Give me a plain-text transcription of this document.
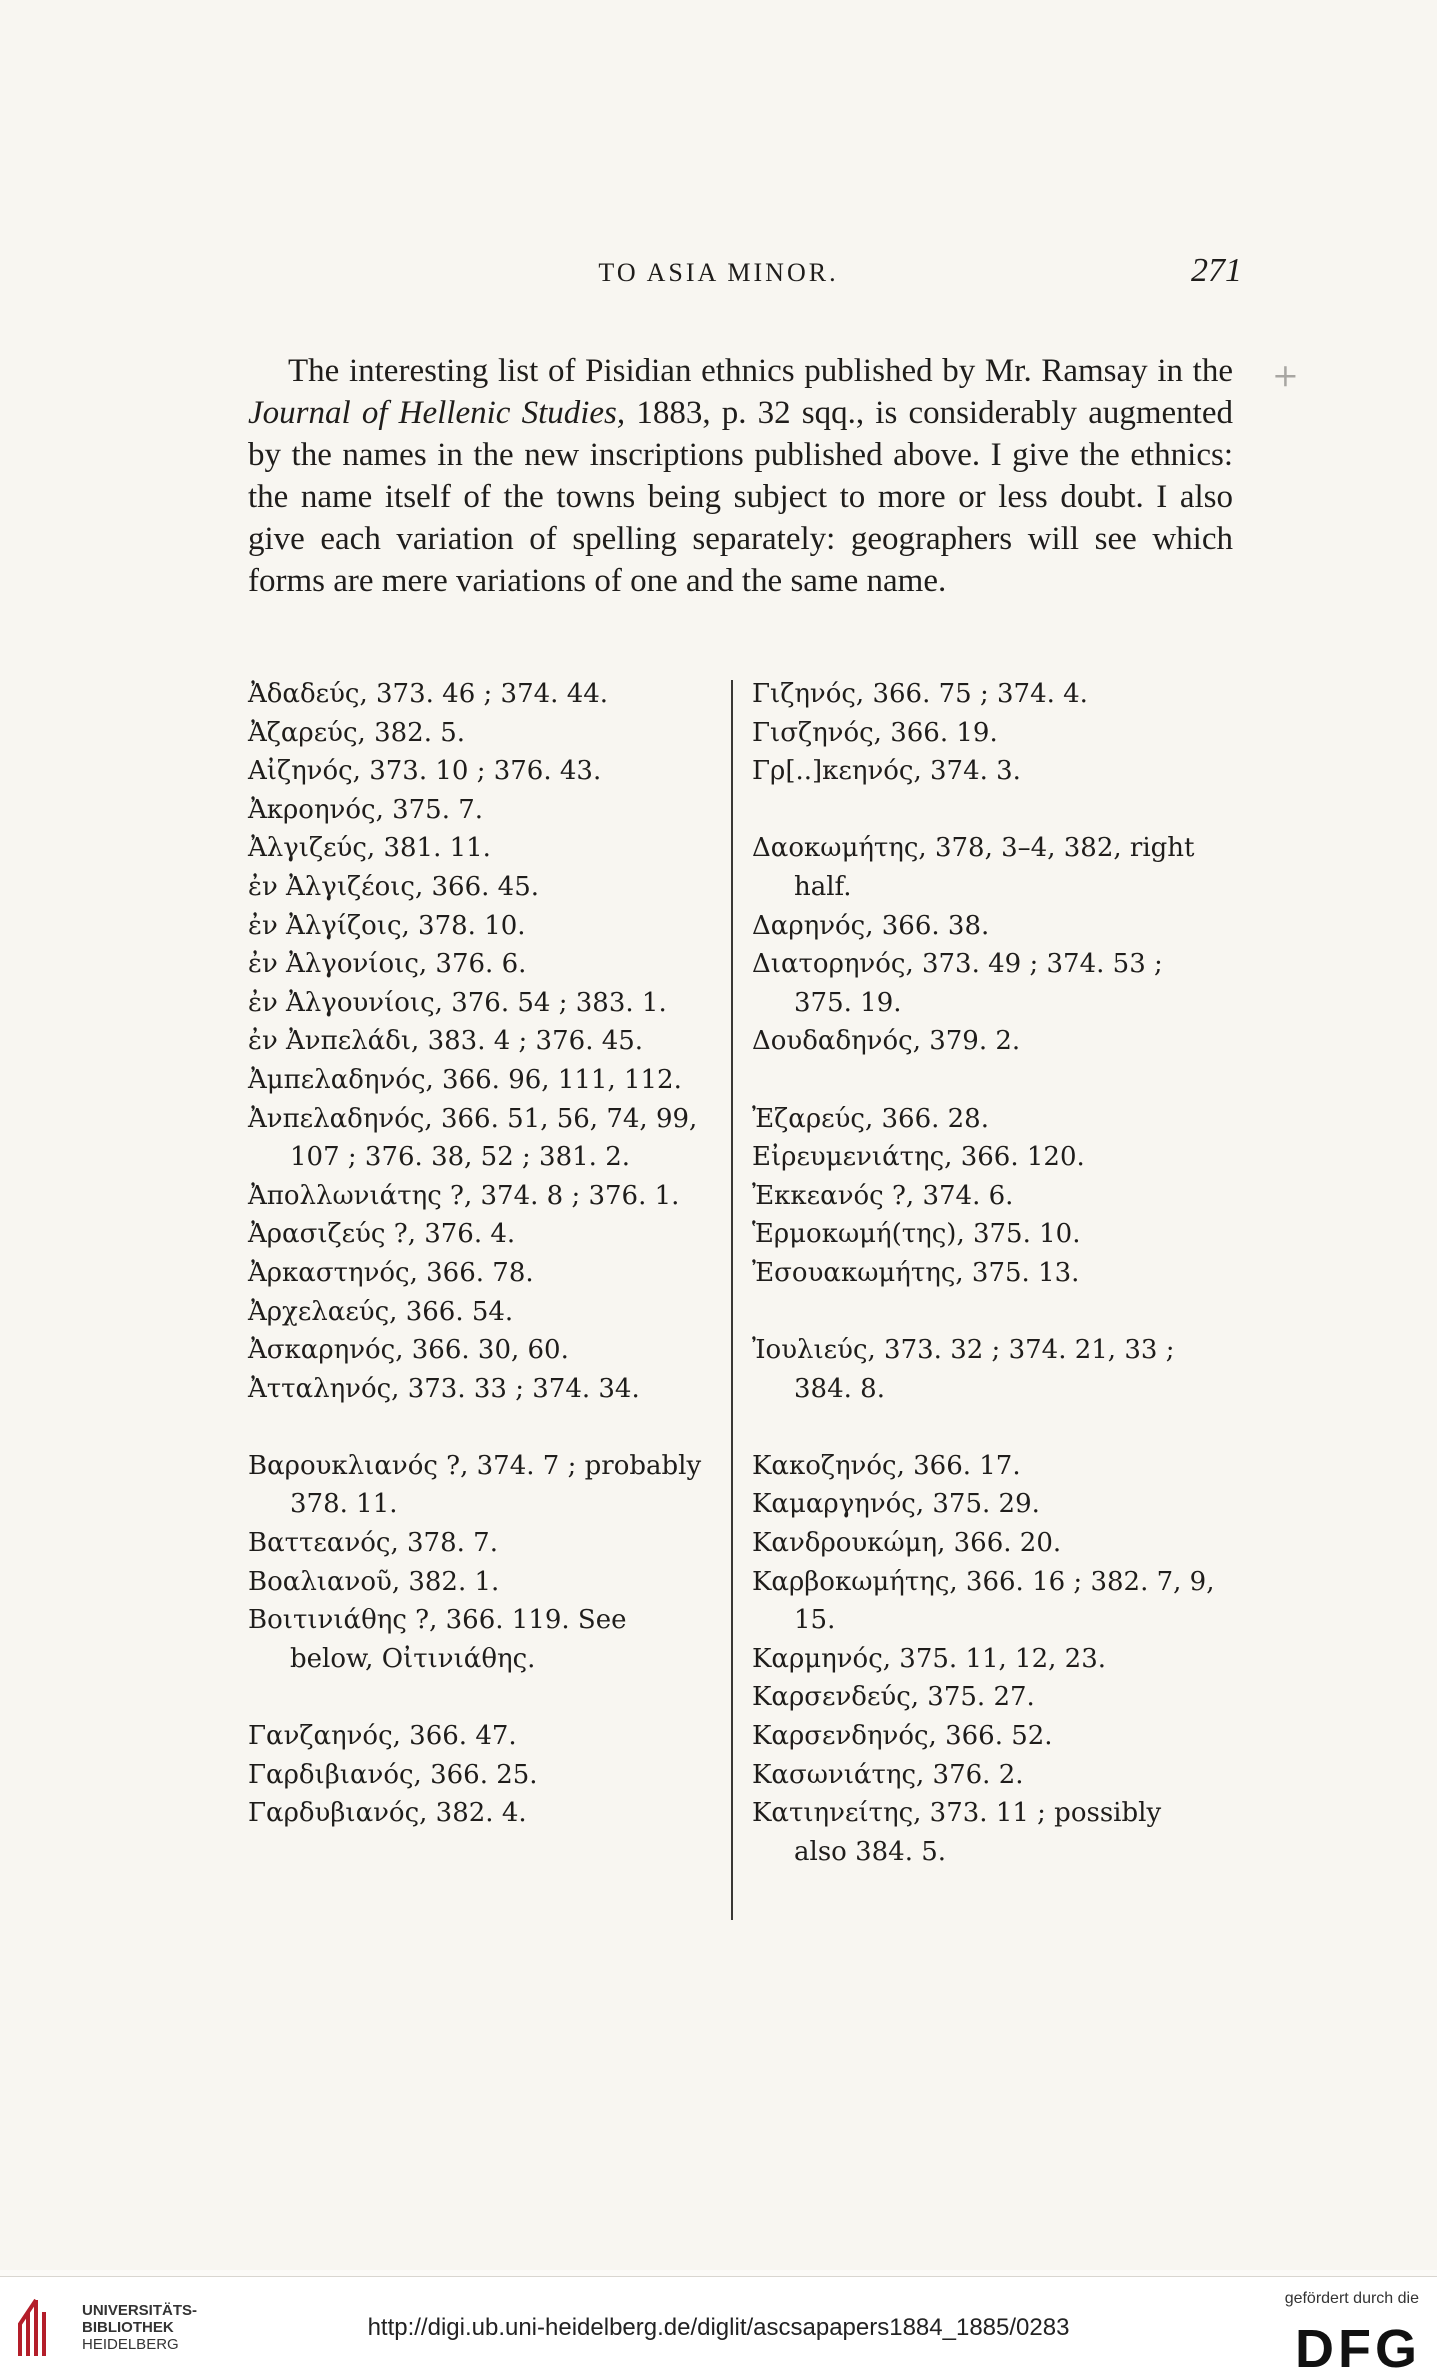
TO ASIA MINOR.	271
+

The interesting list of Pisidian ethnics published by Mr. Ramsay in the Journal of Hellenic Studies, 1883, p. 32 sqq., is considerably augmented by the names in the new inscriptions published above. I give the ethnics: the name itself of the towns being subject to more or less doubt. I also give each variation of spelling separately: geographers will see which forms are mere variations of one and the same name.

Ἀδαδεύς, 373. 46 ; 374. 44.

Ἀζαρεύς, 382. 5.

Αἰζηνός, 373. 10 ; 376. 43.

Ἀκροηνός, 375. 7.

Ἀλγιζεύς, 381. 11.

ἐν Ἀλγιζέοις, 366. 45.

ἐν Ἀλγίζοις, 378. 10.

ἐν Ἀλγονίοις, 376. 6.

ἐν Ἀλγουνίοις, 376. 54 ; 383. 1.

ἐν Ἀνπελάδι, 383. 4 ; 376. 45.

Ἀμπελαδηνός, 366. 96, 111, 112.

Ἀνπελαδηνός, 366. 51, 56, 74, 99, 107 ; 376. 38, 52 ; 381. 2.

Ἀπολλωνιάτης ?, 374. 8 ; 376. 1.

Ἀρασιζεύς ?, 376. 4.

Ἀρκαστηνός, 366. 78.

Ἀρχελαεύς, 366. 54.

Ἀσκαρηνός, 366. 30, 60.

Ἀτταληνός, 373. 33 ; 374. 34.

Βαρουκλιανός ?, 374. 7 ; probably 378. 11.

Βαττεανός, 378. 7.

Βοαλιανοῦ, 382. 1.

Βοιτινιάθης ?, 366. 119. See below, Οἰτινιάθης.

Γανζαηνός, 366. 47.

Γαρδιβιανός, 366. 25.

Γαρδυβιανός, 382. 4.

Γιζηνός, 366. 75 ; 374. 4.

Γισζηνός, 366. 19.

Γρ[..]κεηνός, 374. 3.

Δαοκωμήτης, 378, 3–4, 382, right half.

Δαρηνός, 366. 38.

Διατορηνός, 373. 49 ; 374. 53 ; 375. 19.

Δουδαδηνός, 379. 2.

Ἐζαρεύς, 366. 28.

Εἰρευμενιάτης, 366. 120.

Ἐκκεανός ?, 374. 6.

Ἑρμοκωμή(της), 375. 10.

Ἐσουακωμήτης, 375. 13.

Ἰουλιεύς, 373. 32 ; 374. 21, 33 ; 384. 8.

Κακοζηνός, 366. 17.

Καμαργηνός, 375. 29.

Κανδρουκώμη, 366. 20.

Καρβοκωμήτης, 366. 16 ; 382. 7, 9, 15.

Καρμηνός, 375. 11, 12, 23.

Καρσενδεύς, 375. 27.

Καρσενδηνός, 366. 52.

Κασωνιάτης, 376. 2.

Κατιηνείτης, 373. 11 ; possibly also 384. 5.

UNIVERSITÄTS-
BIBLIOTHEK
HEIDELBERG
http://digi.ub.uni-heidelberg.de/diglit/ascsapapers1884_1885/0283
gefördert durch die
DFG
